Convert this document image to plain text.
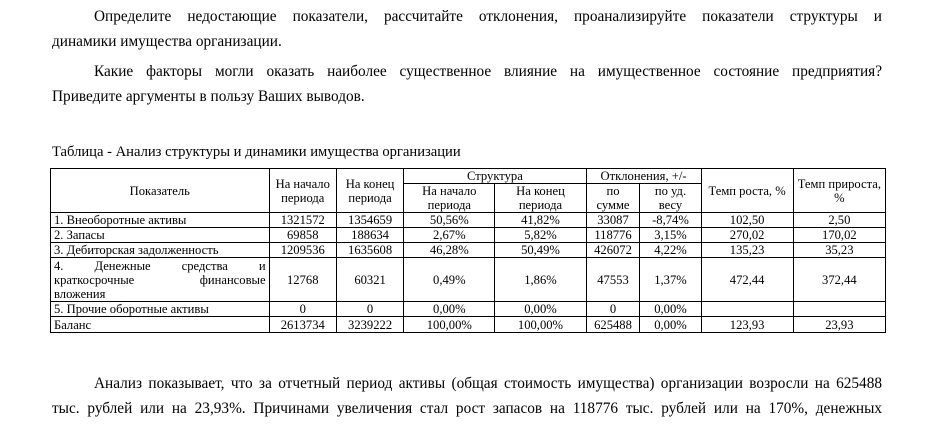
Определите недостающие показатели, рассчитайте отклонения, проанализируйте показатели структуры и
динамики имущества организации.

Какие факторы могли оказать наиболее существенное влияние на имущественное состояние предприятия?
Приведите аргументы в пользу Ваших выводов.

Таблица - Анализ структуры и динамики имущества организации
Показатель	На начало периода	На конец периода	Структура		Отклонения, +/-		Темп роста, %	Темп прироста, %
			На начало периода	На конец периода	по сумме	по уд. весу		
1. Внеоборотные активы	1321572	1354659	50,56%	41,82%	33087	-8,74%	102,50	2,50
2. Запасы	69858	188634	2,67%	5,82%	118776	3,15%	270,02	170,02
3. Дебиторская задолженность	1209536	1635608	46,28%	50,49%	426072	4,22%	135,23	35,23

4. Денежные средства и
краткосрочные финансовые
вложения	12768	60321	0,49%	1,86%	47553	1,37%	472,44	372,44
5. Прочие оборотные активы	0	0	0,00%	0,00%	0	0,00%		
Баланс	2613734	3239222	100,00%	100,00%	625488	0,00%	123,93	23,93

Анализ показывает, что за отчетный период активы (общая стоимость имущества) организации возросли на 625488
тыс. рублей или на 23,93%. Причинами увеличения стал рост запасов на 118776 тыс. рублей или на 170%, денежных
